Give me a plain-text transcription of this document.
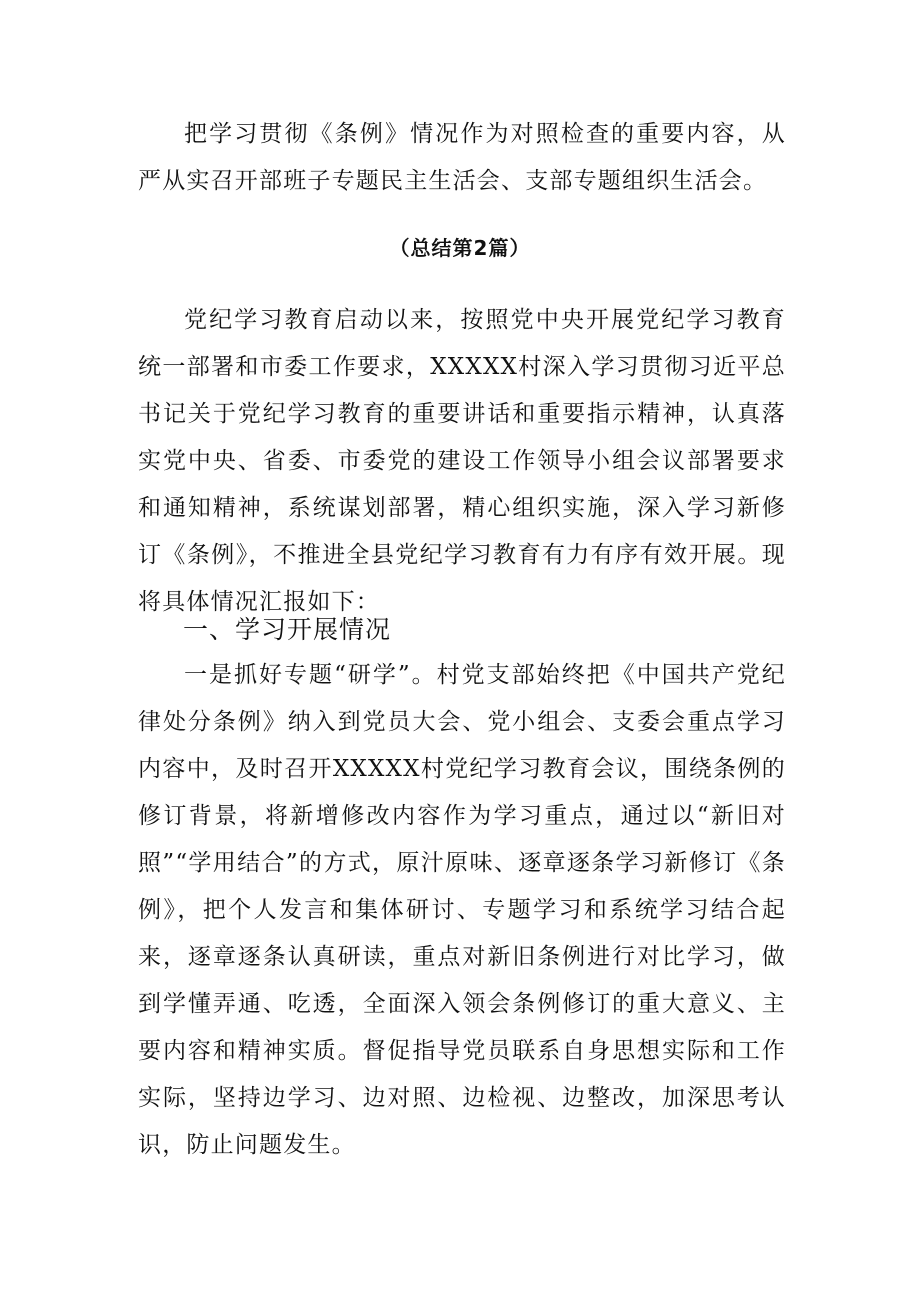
把学习贯彻《条例》情况作为对照检查的重要内容，从严从实召开部班子专题民主生活会、支部专题组织生活会。

（总结第2篇）

党纪学习教育启动以来，按照党中央开展党纪学习教育统一部署和市委工作要求，XXXXX村深入学习贯彻习近平总书记关于党纪学习教育的重要讲话和重要指示精神，认真落实党中央、省委、市委党的建设工作领导小组会议部署要求和通知精神，系统谋划部署，精心组织实施，深入学习新修订《条例》，不推进全县党纪学习教育有力有序有效开展。现将具体情况汇报如下：

一、学习开展情况

一是抓好专题“研学”。村党支部始终把《中国共产党纪律处分条例》纳入到党员大会、党小组会、支委会重点学习内容中，及时召开XXXXX村党纪学习教育会议，围绕条例的修订背景，将新增修改内容作为学习重点，通过以“新旧对照”“学用结合”的方式，原汁原味、逐章逐条学习新修订《条例》，把个人发言和集体研讨、专题学习和系统学习结合起来，逐章逐条认真研读，重点对新旧条例进行对比学习，做到学懂弄通、吃透，全面深入领会条例修订的重大意义、主要内容和精神实质。督促指导党员联系自身思想实际和工作实际，坚持边学习、边对照、边检视、边整改，加深思考认识，防止问题发生。
